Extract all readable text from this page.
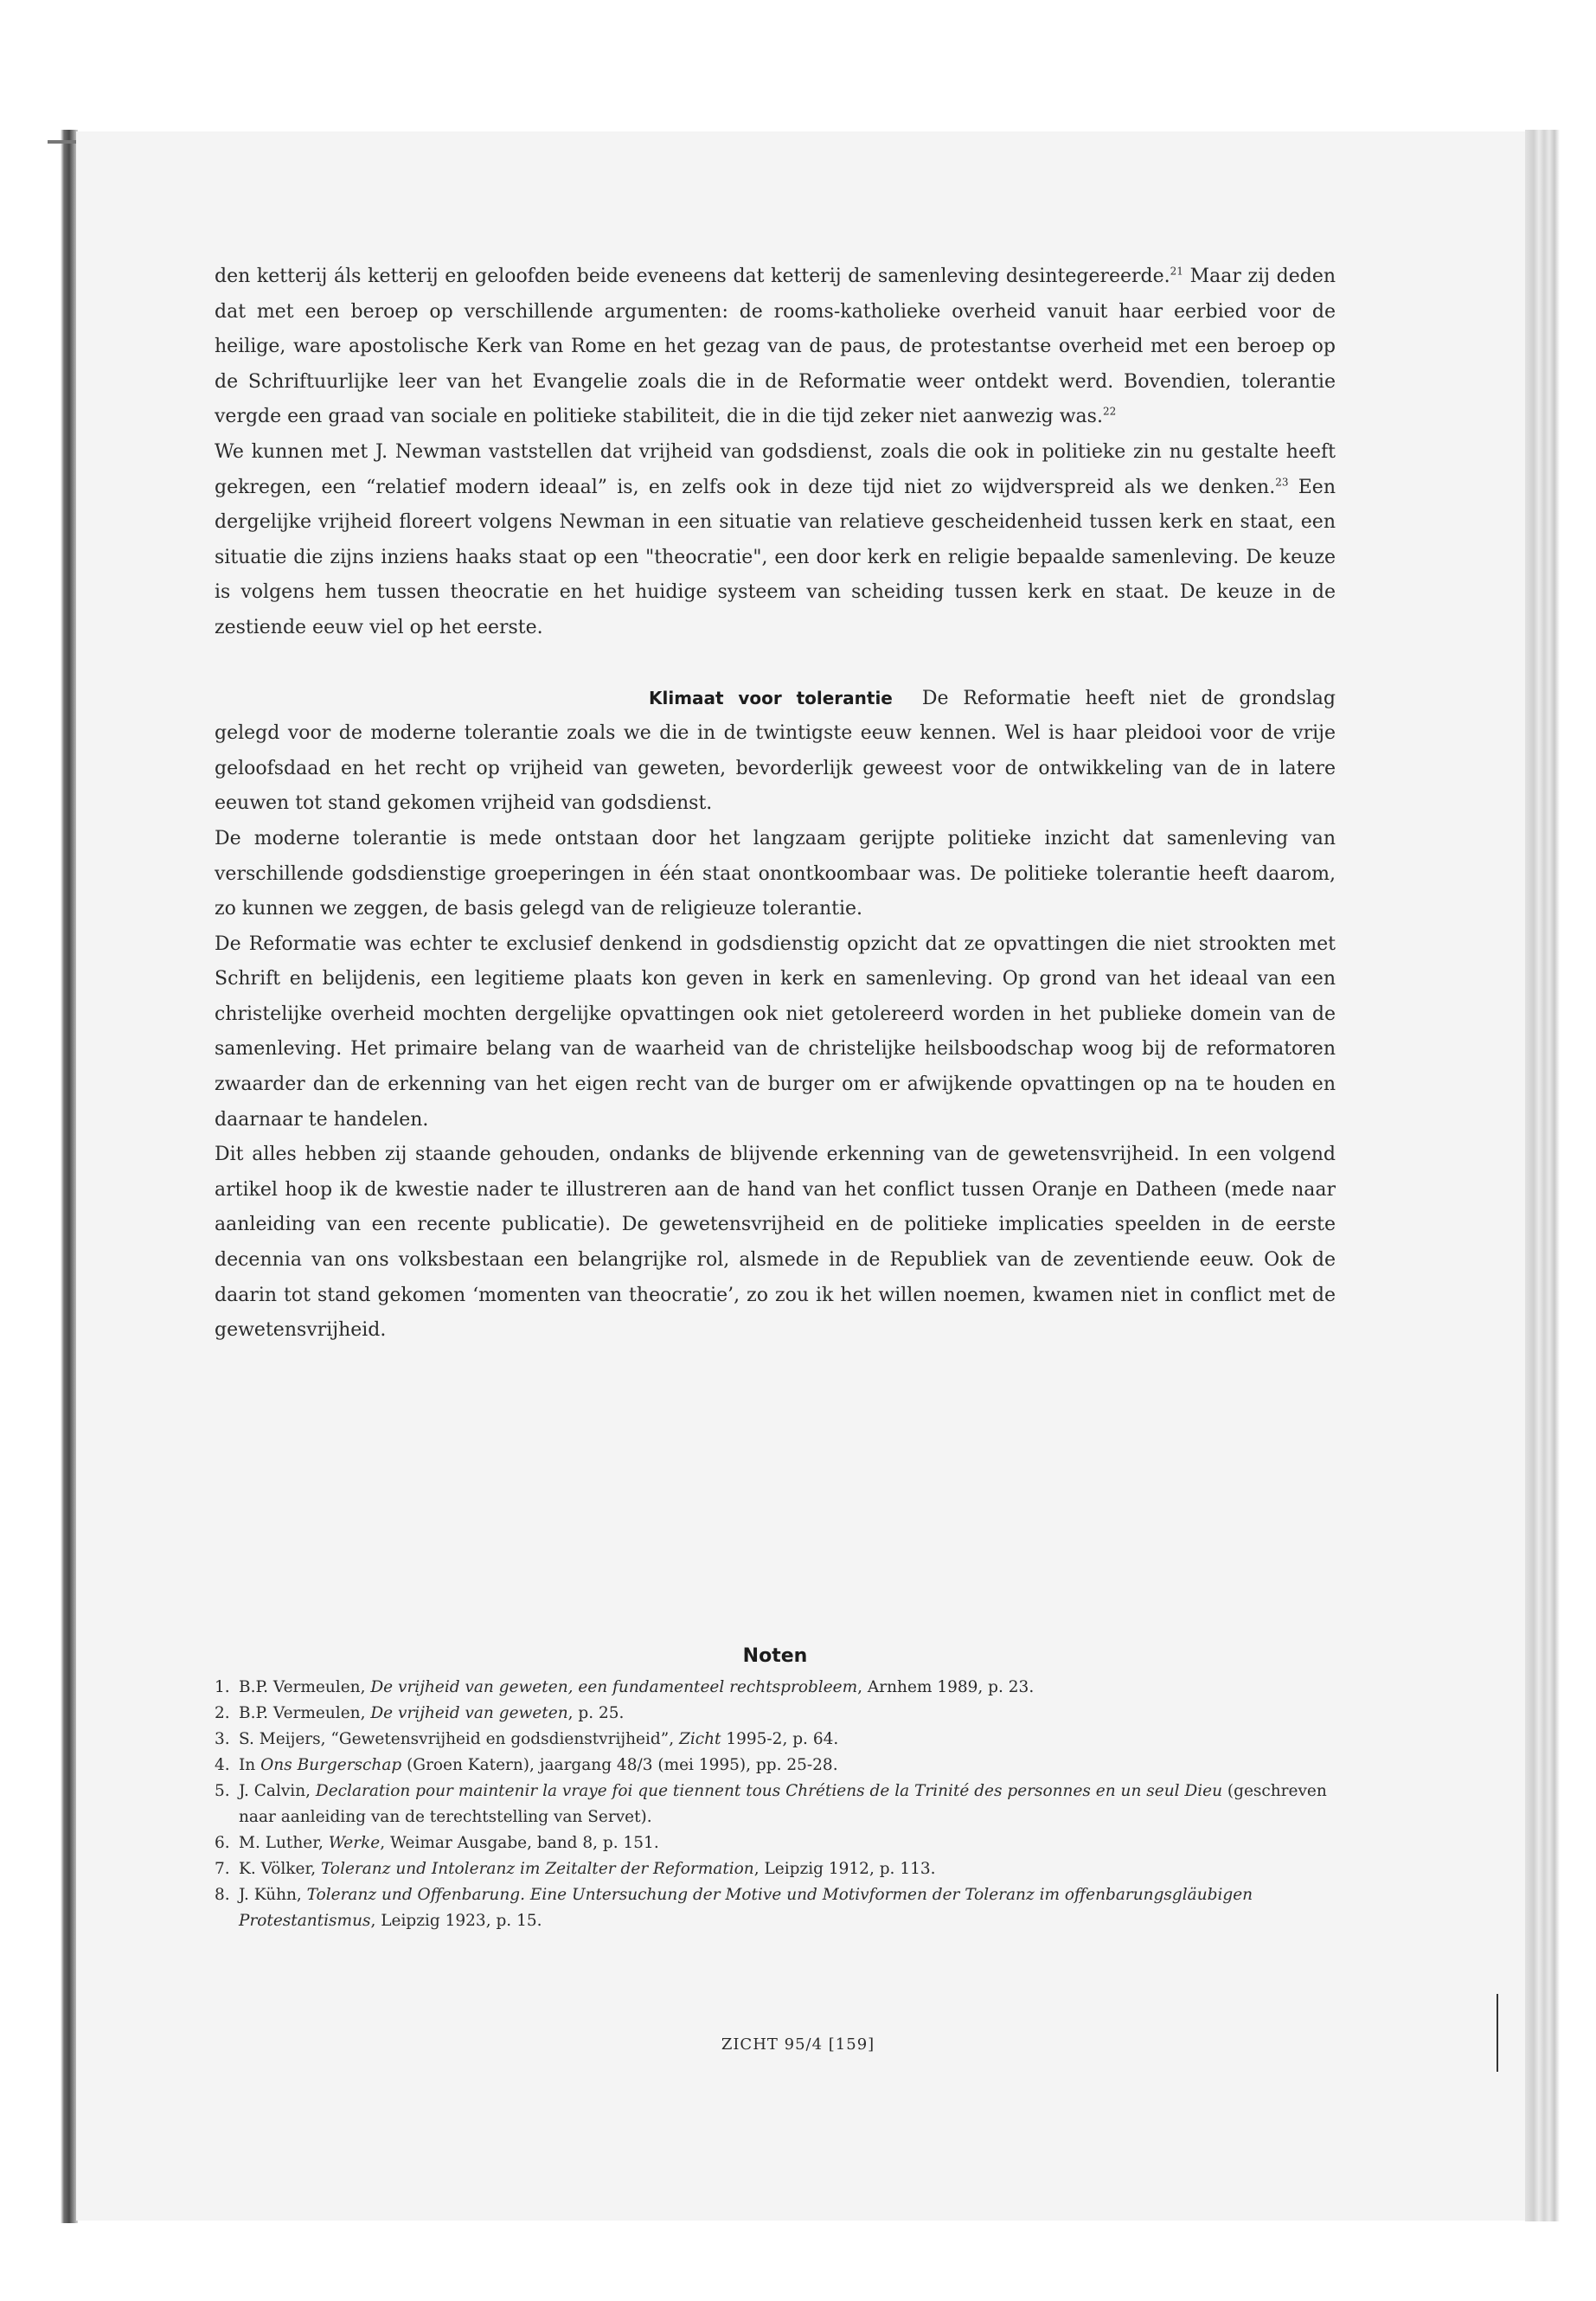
den ketterij áls ketterij en geloofden beide eveneens dat ketterij de samenleving desintegereerde.$^{21}$ Maar zij deden dat met een beroep op verschillende argumenten: de rooms-katholieke overheid vanuit haar eerbied voor de heilige, ware apostolische Kerk van Rome en het gezag van de paus, de protestantse overheid met een beroep op de Schriftuurlijke leer van het Evangelie zoals die in de Reformatie weer ontdekt werd. Bovendien, tolerantie vergde een graad van sociale en politieke stabiliteit, die in die tijd zeker niet aanwezig was.$^{22}$

We kunnen met J. Newman vaststellen dat vrijheid van godsdienst, zoals die ook in politieke zin nu gestalte heeft gekregen, een “relatief modern ideaal” is, en zelfs ook in deze tijd niet zo wijdverspreid als we denken.$^{23}$ Een dergelijke vrijheid floreert volgens Newman in een situatie van relatieve gescheidenheid tussen kerk en staat, een situatie die zijns inziens haaks staat op een "theocratie", een door kerk en religie bepaalde samenleving. De keuze is volgens hem tussen theocratie en het huidige systeem van scheiding tussen kerk en staat. De keuze in de zestiende eeuw viel op het eerste.

Klimaat voor tolerantie De Reformatie heeft niet de grondslag gelegd voor de moderne tolerantie zoals we die in de twintigste eeuw kennen. Wel is haar pleidooi voor de vrije geloofsdaad en het recht op vrijheid van geweten, bevorderlijk geweest voor de ontwikkeling van de in latere eeuwen tot stand gekomen vrijheid van godsdienst.

De moderne tolerantie is mede ontstaan door het langzaam gerijpte politieke inzicht dat samenleving van verschillende godsdienstige groeperingen in één staat onontkoombaar was. De politieke tolerantie heeft daarom, zo kunnen we zeggen, de basis gelegd van de religieuze tolerantie.

De Reformatie was echter te exclusief denkend in godsdienstig opzicht dat ze opvattingen die niet strookten met Schrift en belijdenis, een legitieme plaats kon geven in kerk en samenleving. Op grond van het ideaal van een christelijke overheid mochten dergelijke opvattingen ook niet getolereerd worden in het publieke domein van de samenleving. Het primaire belang van de waarheid van de christelijke heilsboodschap woog bij de reformatoren zwaarder dan de erkenning van het eigen recht van de burger om er afwijkende opvattingen op na te houden en daarnaar te handelen.

Dit alles hebben zij staande gehouden, ondanks de blijvende erkenning van de gewetensvrijheid. In een volgend artikel hoop ik de kwestie nader te illustreren aan de hand van het conflict tussen Oranje en Datheen (mede naar aanleiding van een recente publicatie). De gewetensvrijheid en de politieke implicaties speelden in de eerste decennia van ons volksbestaan een belangrijke rol, alsmede in de Republiek van de zeventiende eeuw. Ook de daarin tot stand gekomen ‘momenten van theocratie’, zo zou ik het willen noemen, kwamen niet in conflict met de gewetensvrijheid.

Noten
1. B.P. Vermeulen, De vrijheid van geweten, een fundamenteel rechtsprobleem, Arnhem 1989, p. 23.
2. B.P. Vermeulen, De vrijheid van geweten, p. 25.
3. S. Meijers, “Gewetensvrijheid en godsdienstvrijheid”, Zicht 1995-2, p. 64.
4. In Ons Burgerschap (Groen Katern), jaargang 48/3 (mei 1995), pp. 25-28.
5. J. Calvin, Declaration pour maintenir la vraye foi que tiennent tous Chrétiens de la Trinité des personnes en un seul Dieu (geschreven naar aanleiding van de terechtstelling van Servet).
6. M. Luther, Werke, Weimar Ausgabe, band 8, p. 151.
7. K. Völker, Toleranz und Intoleranz im Zeitalter der Reformation, Leipzig 1912, p. 113.
8. J. Kühn, Toleranz und Offenbarung. Eine Untersuchung der Motive und Motivformen der Toleranz im offenbarungsgläubigen Protestantismus, Leipzig 1923, p. 15.
ZICHT 95/4 [159]
